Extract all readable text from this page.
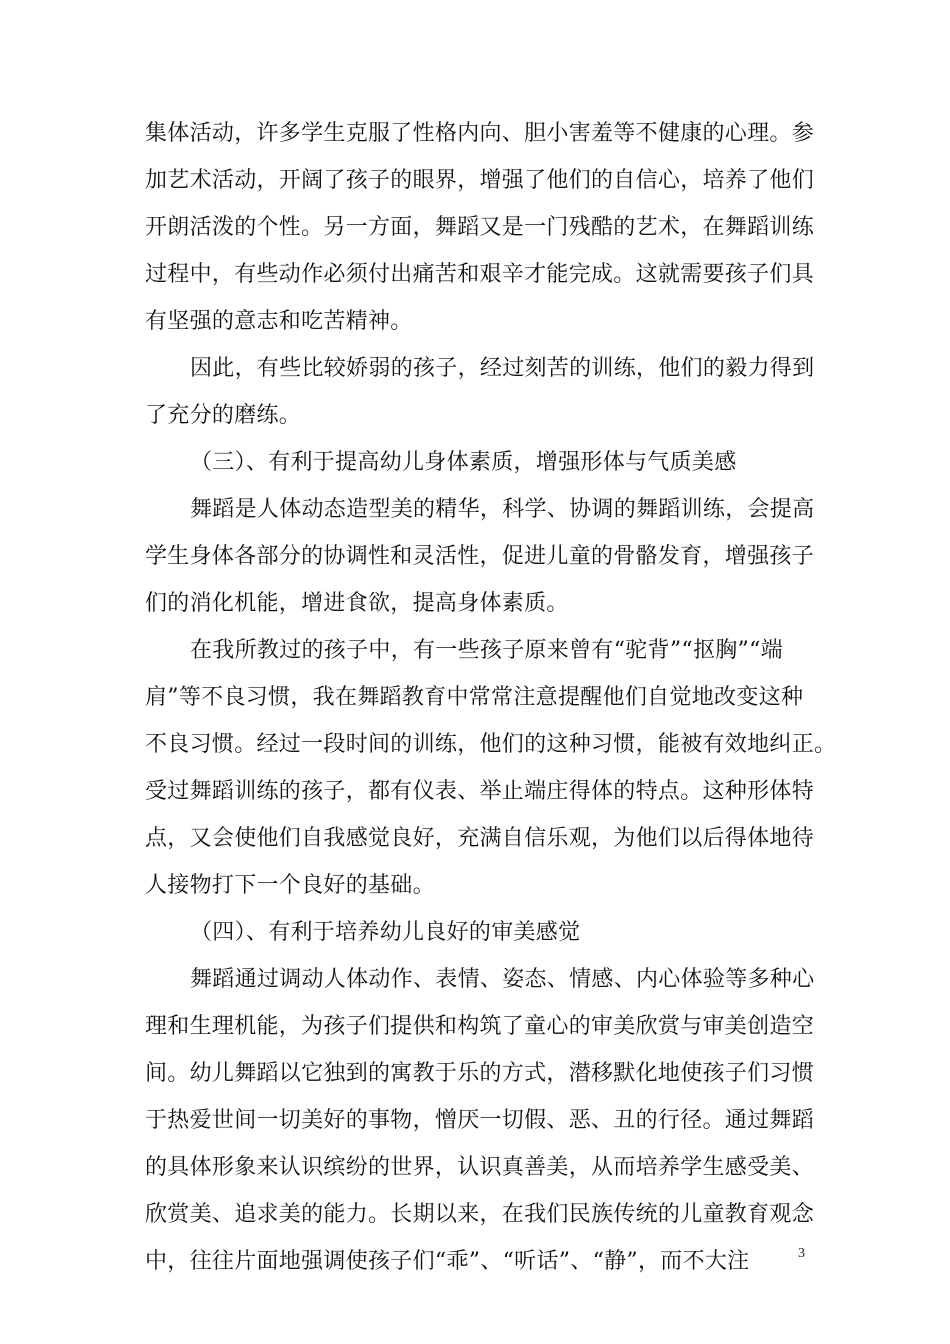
集体活动，许多学生克服了性格内向、胆小害羞等不健康的心理。参
加艺术活动，开阔了孩子的眼界，增强了他们的自信心，培养了他们
开朗活泼的个性。另一方面，舞蹈又是一门残酷的艺术，在舞蹈训练
过程中，有些动作必须付出痛苦和艰辛才能完成。这就需要孩子们具
有坚强的意志和吃苦精神。
因此，有些比较娇弱的孩子，经过刻苦的训练，他们的毅力得到
了充分的磨练。
（三）、有利于提高幼儿身体素质，增强形体与气质美感
舞蹈是人体动态造型美的精华，科学、协调的舞蹈训练，会提高
学生身体各部分的协调性和灵活性，促进儿童的骨骼发育，增强孩子
们的消化机能，增进食欲，提高身体素质。
在我所教过的孩子中，有一些孩子原来曾有“驼背”“抠胸”“端
肩”等不良习惯，我在舞蹈教育中常常注意提醒他们自觉地改变这种
不良习惯。经过一段时间的训练，他们的这种习惯，能被有效地纠正。
受过舞蹈训练的孩子，都有仪表、举止端庄得体的特点。这种形体特
点，又会使他们自我感觉良好，充满自信乐观，为他们以后得体地待
人接物打下一个良好的基础。
（四）、有利于培养幼儿良好的审美感觉
舞蹈通过调动人体动作、表情、姿态、情感、内心体验等多种心
理和生理机能，为孩子们提供和构筑了童心的审美欣赏与审美创造空
间。幼儿舞蹈以它独到的寓教于乐的方式，潜移默化地使孩子们习惯
于热爱世间一切美好的事物，憎厌一切假、恶、丑的行径。通过舞蹈
的具体形象来认识缤纷的世界，认识真善美，从而培养学生感受美、
欣赏美、追求美的能力。长期以来，在我们民族传统的儿童教育观念
中，往往片面地强调使孩子们“乖”、“听话”、“静”，而不大注	3
